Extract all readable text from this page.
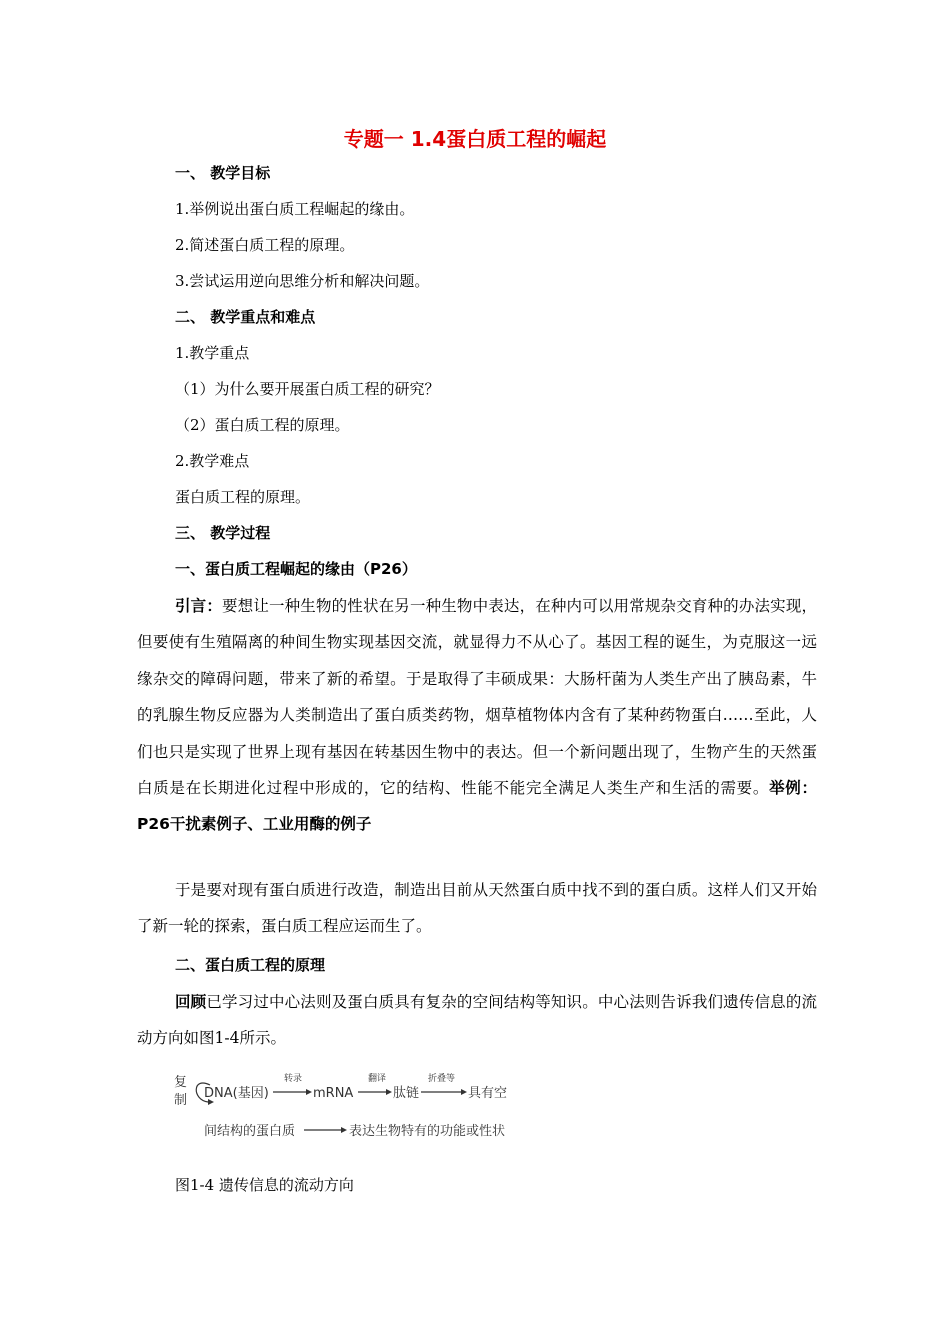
专题一 1.4蛋白质工程的崛起
一、 教学目标
1.举例说出蛋白质工程崛起的缘由。
2.简述蛋白质工程的原理。
3.尝试运用逆向思维分析和解决问题。
二、 教学重点和难点
1.教学重点
（1）为什么要开展蛋白质工程的研究？
（2）蛋白质工程的原理。
2.教学难点
蛋白质工程的原理。
三、 教学过程
一、蛋白质工程崛起的缘由（P26）

引言：要想让一种生物的性状在另一种生物中表达，在种内可以用常规杂交育种的办法实现，但要使有生殖隔离的种间生物实现基因交流，就显得力不从心了。基因工程的诞生，为克服这一远缘杂交的障碍问题，带来了新的希望。于是取得了丰硕成果：大肠杆菌为人类生产出了胰岛素，牛的乳腺生物反应器为人类制造出了蛋白质类药物，烟草植物体内含有了某种药物蛋白……至此，人们也只是实现了世界上现有基因在转基因生物中的表达。但一个新问题出现了，生物产生的天然蛋白质是在长期进化过程中形成的，它的结构、性能不能完全满足人类生产和生活的需要。举例：P26干扰素例子、工业用酶的例子

于是要对现有蛋白质进行改造，制造出目前从天然蛋白质中找不到的蛋白质。这样人们又开始了新一轮的探索，蛋白质工程应运而生了。

二、蛋白质工程的原理

回顾已学习过中心法则及蛋白质具有复杂的空间结构等知识。中心法则告诉我们遗传信息的流动方向如图1-4所示。

复
制 DNA(基因)
转录
mRNA
翻译
肽链
折叠等
具有空
间结构的蛋白质	表达生物特有的功能或性状
图1-4 遗传信息的流动方向
